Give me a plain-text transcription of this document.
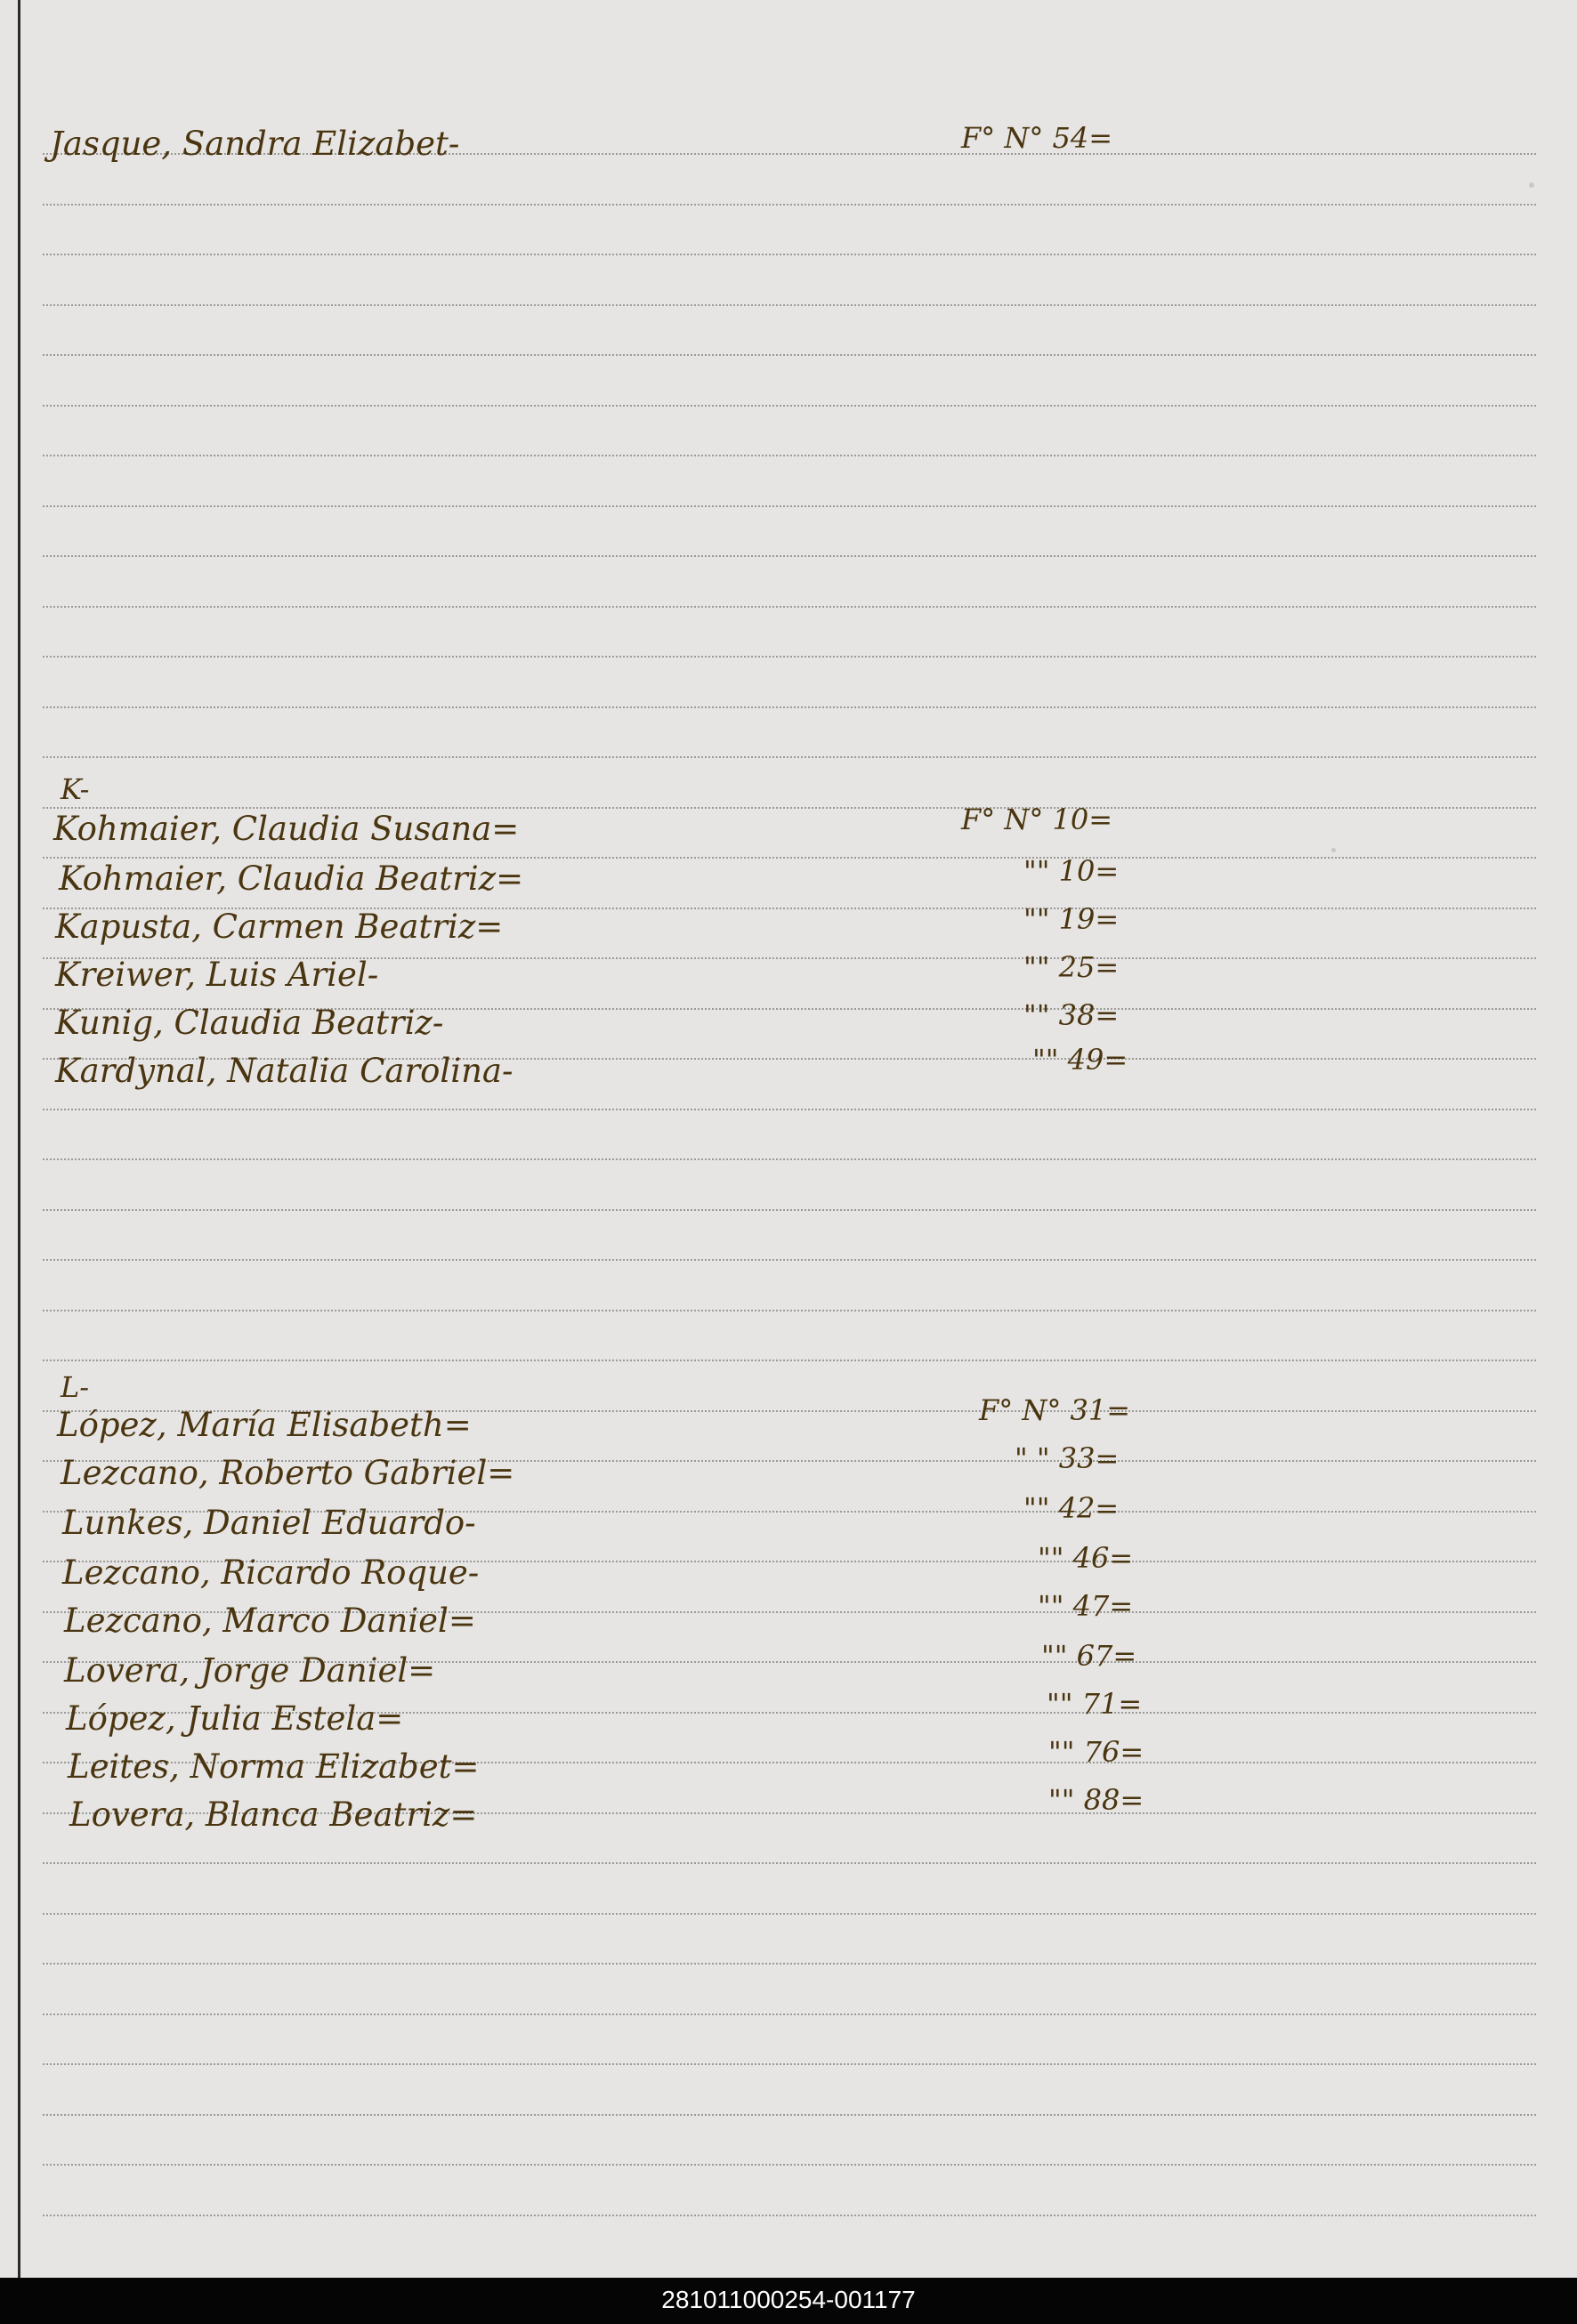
Jasque, Sandra Elizabet-	F° N° 54=
K-
Kohmaier, Claudia Susana=	F° N° 10=
Kohmaier, Claudia Beatriz=	"" 10=
Kapusta, Carmen Beatriz=	"" 19=
Kreiwer, Luis Ariel-	"" 25=
Kunig, Claudia Beatriz-	"" 38=
Kardynal, Natalia Carolina-	"" 49=
L-
López, María Elisabeth=	F° N° 31=
Lezcano, Roberto Gabriel=	" " 33=
Lunkes, Daniel Eduardo-	"" 42=
Lezcano, Ricardo Roque-	"" 46=
Lezcano, Marco Daniel=	"" 47=
Lovera, Jorge Daniel=	"" 67=
López, Julia Estela=	"" 71=
Leites, Norma Elizabet=	"" 76=
Lovera, Blanca Beatriz=	"" 88=
281011000254-001177
